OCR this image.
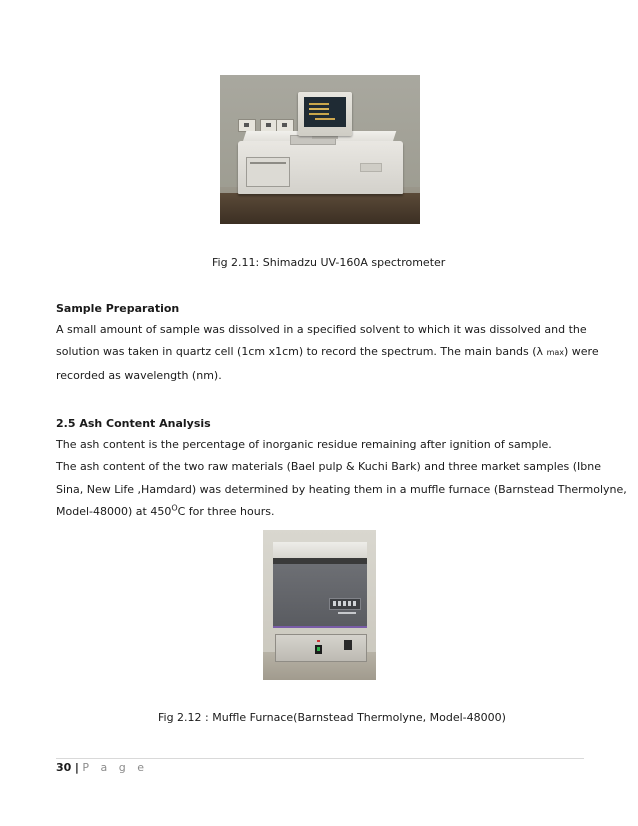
Fig 2.11: Shimadzu UV-160A spectrometer
Sample Preparation
A small amount of sample was dissolved in a specified solvent to which it was dissolved and the
solution was taken in quartz cell (1cm x1cm) to record the spectrum. The main bands (λ max) were
recorded as wavelength (nm).
2.5 Ash Content Analysis
The ash content is the percentage of inorganic residue remaining after ignition of sample.
The ash content of the two raw materials (Bael pulp & Kuchi Bark) and three market samples (Ibne
Sina, New Life ,Hamdard) was determined by heating them in a muffle furnace (Barnstead Thermolyne,
Model-48000) at $450^OC$ for three hours.
Fig 2.12 : Muffle Furnace(Barnstead Thermolyne, Model-48000)
30 | P a g e
